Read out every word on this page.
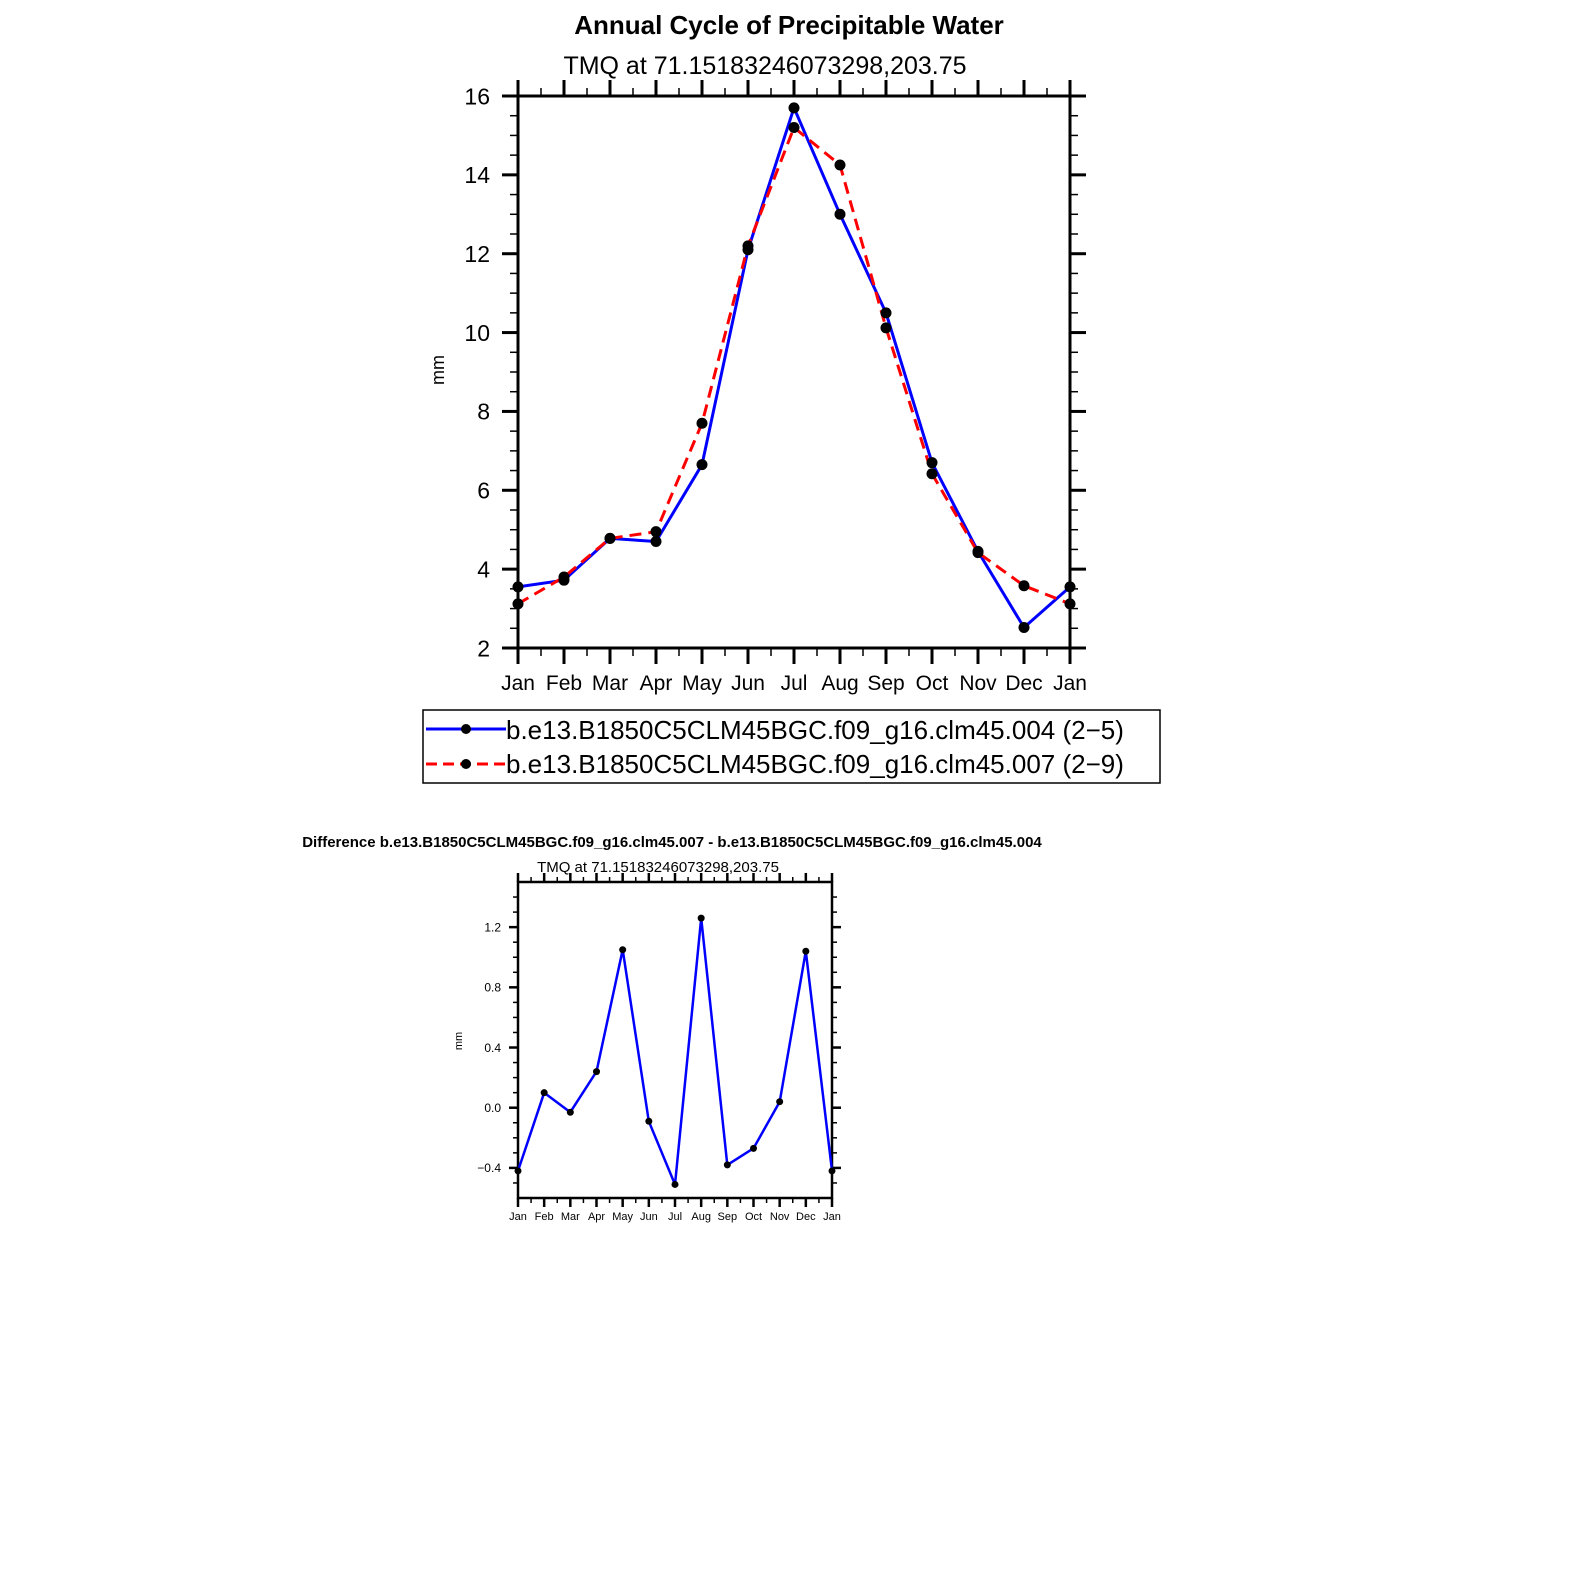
Annual Cycle of Precipitable Water
TMQ at 71.15183246073298,203.75
mm
Jan Feb Mar Apr May Jun Jul Aug Sep Oct Nov Dec Jan
2
4
6
8
10
12
14
16
b.e13.B1850C5CLM45BGC.f09_g16.clm45.004 (2−5)
b.e13.B1850C5CLM45BGC.f09_g16.clm45.007 (2−9)
Difference b.e13.B1850C5CLM45BGC.f09_g16.clm45.007 - b.e13.B1850C5CLM45BGC.f09_g16.clm45.004
TMQ at 71.15183246073298,203.75
mm
Jan Feb Mar Apr May Jun Jul Aug Sep Oct Nov Dec Jan
−0.4
0.0
0.4
0.8
1.2
